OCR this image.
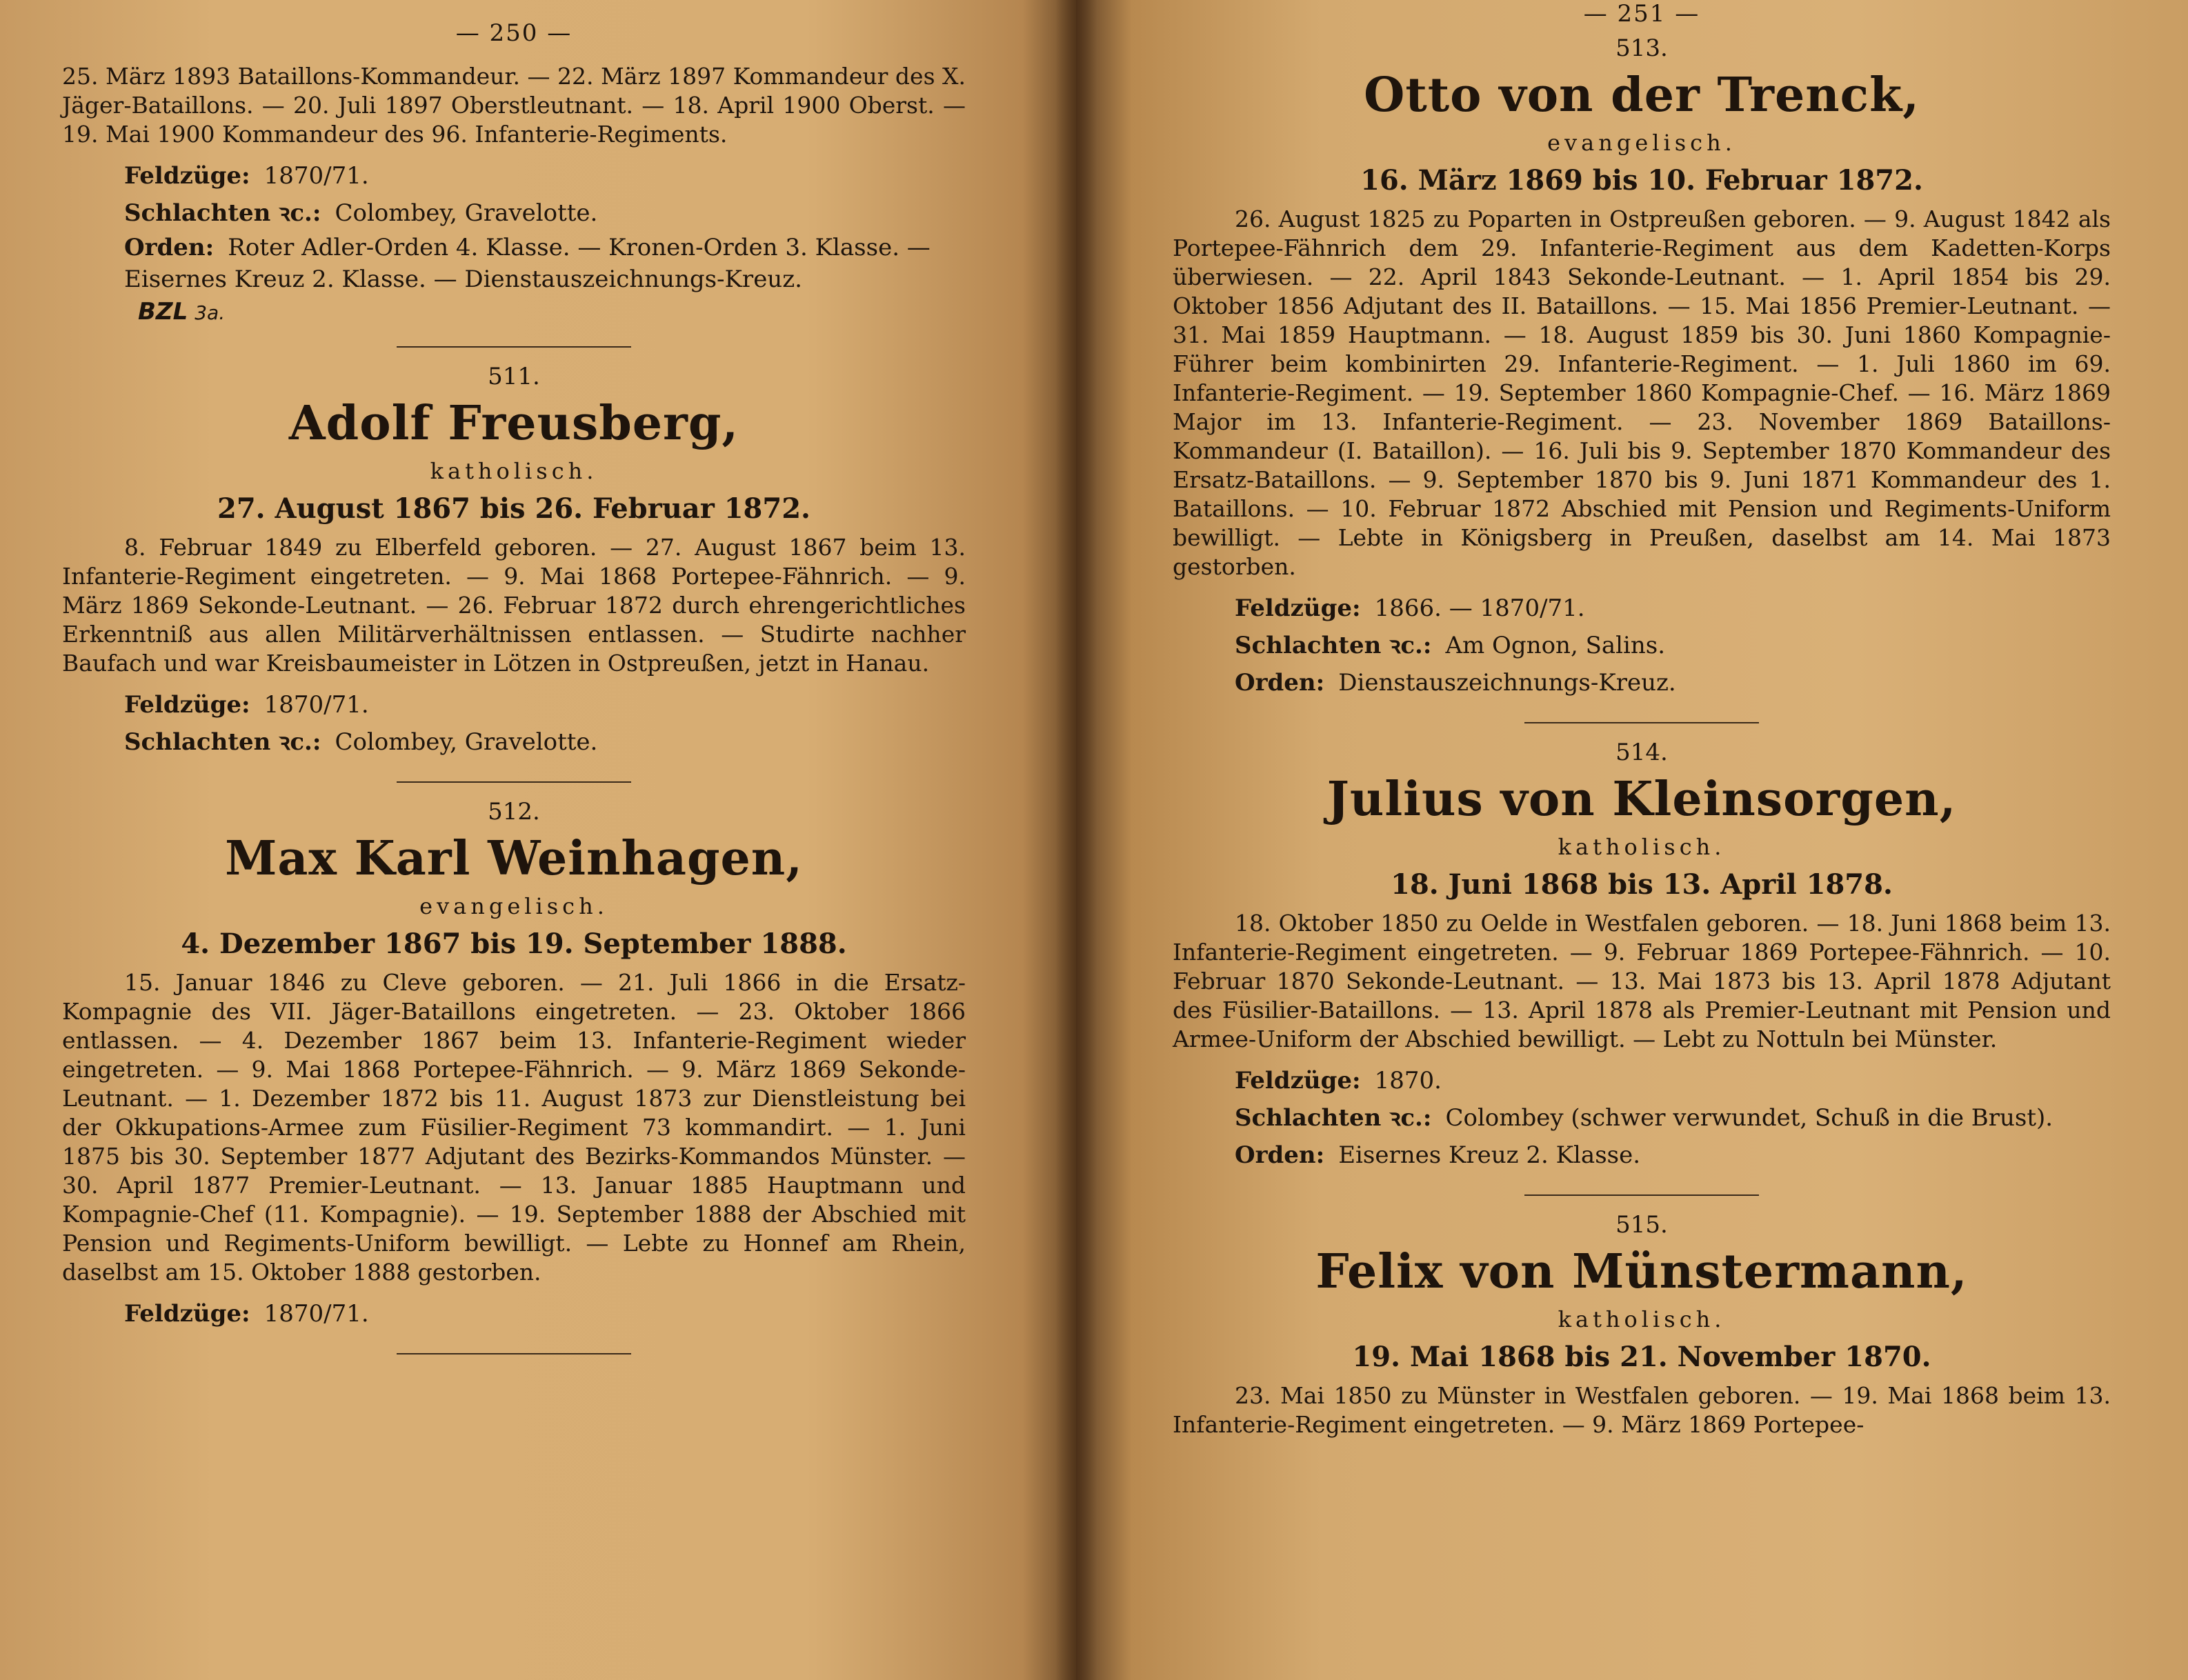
— 250 —

25. März 1893 Bataillons-Kommandeur. — 22. März 1897 Kommandeur des X. Jäger-Bataillons. — 20. Juli 1897 Oberstleutnant. — 18. April 1900 Oberst. — 19. Mai 1900 Kommandeur des 96. Infanterie-Regiments.

Feldzüge: 1870/71.
Schlachten ꝛc.: Colombey, Gravelotte.
Orden: Roter Adler-Orden 4. Klasse. — Kronen-Orden 3. Klasse. — Eisernes Kreuz 2. Klasse. — Dienstauszeichnungs-Kreuz.
BZL 3a.
511.
Adolf Freusberg,
katholisch.
27. August 1867 bis 26. Februar 1872.

8. Februar 1849 zu Elberfeld geboren. — 27. August 1867 beim 13. Infanterie-Regiment eingetreten. — 9. Mai 1868 Portepee-Fähnrich. — 9. März 1869 Sekonde-Leutnant. — 26. Februar 1872 durch ehrengerichtliches Erkenntniß aus allen Militärverhältnissen entlassen. — Studirte nachher Baufach und war Kreisbaumeister in Lötzen in Ostpreußen, jetzt in Hanau.

Feldzüge: 1870/71.
Schlachten ꝛc.: Colombey, Gravelotte.
512.
Max Karl Weinhagen,
evangelisch.
4. Dezember 1867 bis 19. September 1888.

15. Januar 1846 zu Cleve geboren. — 21. Juli 1866 in die Ersatz-Kompagnie des VII. Jäger-Bataillons eingetreten. — 23. Oktober 1866 entlassen. — 4. Dezember 1867 beim 13. Infanterie-Regiment wieder eingetreten. — 9. Mai 1868 Portepee-Fähnrich. — 9. März 1869 Sekonde-Leutnant. — 1. Dezember 1872 bis 11. August 1873 zur Dienstleistung bei der Okkupations-Armee zum Füsilier-Regiment 73 kommandirt. — 1. Juni 1875 bis 30. September 1877 Adjutant des Bezirks-Kommandos Münster. — 30. April 1877 Premier-Leutnant. — 13. Januar 1885 Hauptmann und Kompagnie-Chef (11. Kompagnie). — 19. September 1888 der Abschied mit Pension und Regiments-Uniform bewilligt. — Lebte zu Honnef am Rhein, daselbst am 15. Oktober 1888 gestorben.

Feldzüge: 1870/71.
— 251 —
513.
Otto von der Trenck,
evangelisch.
16. März 1869 bis 10. Februar 1872.

26. August 1825 zu Poparten in Ostpreußen geboren. — 9. August 1842 als Portepee-Fähnrich dem 29. Infanterie-Regiment aus dem Kadetten-Korps überwiesen. — 22. April 1843 Sekonde-Leutnant. — 1. April 1854 bis 29. Oktober 1856 Adjutant des II. Bataillons. — 15. Mai 1856 Premier-Leutnant. — 31. Mai 1859 Hauptmann. — 18. August 1859 bis 30. Juni 1860 Kompagnie-Führer beim kombinirten 29. Infanterie-Regiment. — 1. Juli 1860 im 69. Infanterie-Regiment. — 19. September 1860 Kompagnie-Chef. — 16. März 1869 Major im 13. Infanterie-Regiment. — 23. November 1869 Bataillons-Kommandeur (I. Bataillon). — 16. Juli bis 9. September 1870 Kommandeur des Ersatz-Bataillons. — 9. September 1870 bis 9. Juni 1871 Kommandeur des 1. Bataillons. — 10. Februar 1872 Abschied mit Pension und Regiments-Uniform bewilligt. — Lebte in Königsberg in Preußen, daselbst am 14. Mai 1873 gestorben.

Feldzüge: 1866. — 1870/71.
Schlachten ꝛc.: Am Ognon, Salins.
Orden: Dienstauszeichnungs-Kreuz.
514.
Julius von Kleinsorgen,
katholisch.
18. Juni 1868 bis 13. April 1878.

18. Oktober 1850 zu Oelde in Westfalen geboren. — 18. Juni 1868 beim 13. Infanterie-Regiment eingetreten. — 9. Februar 1869 Portepee-Fähnrich. — 10. Februar 1870 Sekonde-Leutnant. — 13. Mai 1873 bis 13. April 1878 Adjutant des Füsilier-Bataillons. — 13. April 1878 als Premier-Leutnant mit Pension und Armee-Uniform der Abschied bewilligt. — Lebt zu Nottuln bei Münster.

Feldzüge: 1870.
Schlachten ꝛc.: Colombey (schwer verwundet, Schuß in die Brust).
Orden: Eisernes Kreuz 2. Klasse.
515.
Felix von Münstermann,
katholisch.
19. Mai 1868 bis 21. November 1870.

23. Mai 1850 zu Münster in Westfalen geboren. — 19. Mai 1868 beim 13. Infanterie-Regiment eingetreten. — 9. März 1869 Portepee-
